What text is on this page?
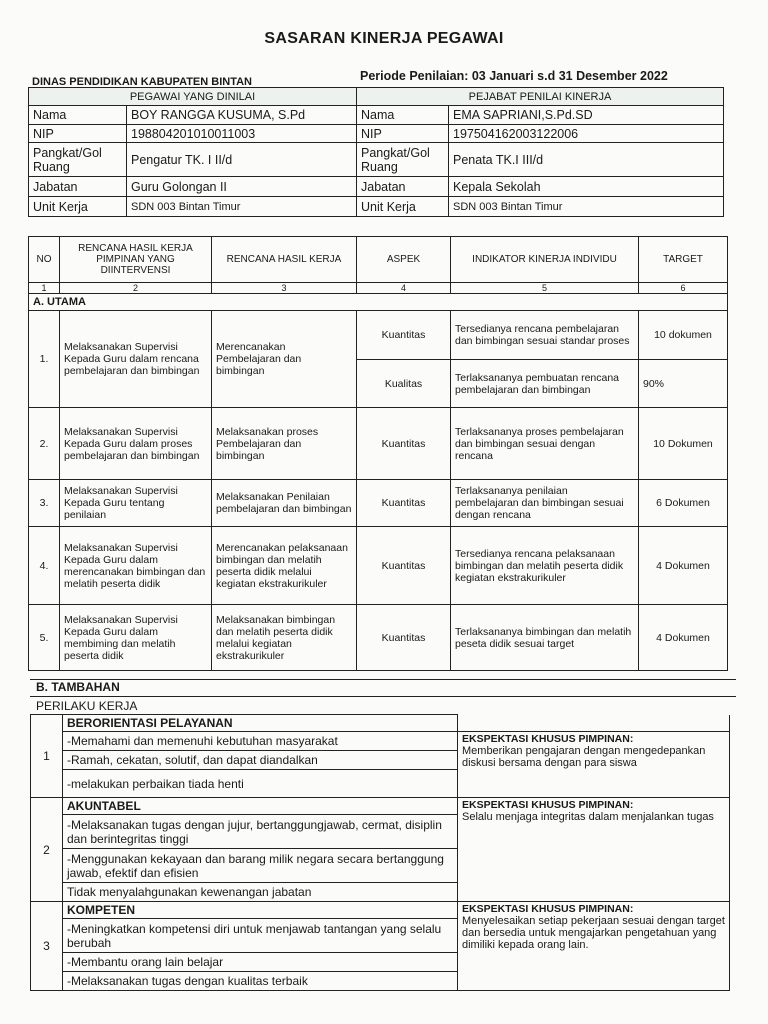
SASARAN KINERJA PEGAWAI
DINAS PENDIDIKAN KABUPATEN BINTAN	Periode Penilaian: 03 Januari s.d 31 Desember 2022
PEGAWAI YANG DINILAI		PEJABAT PENILAI KINERJA	
Nama	BOY RANGGA KUSUMA, S.Pd	Nama	EMA SAPRIANI,S.Pd.SD
NIP	198804201010011003	NIP	197504162003122006
Pangkat/Gol Ruang	Pengatur TK. I II/d	Pangkat/Gol Ruang	Penata TK.I III/d
Jabatan	Guru Golongan II	Jabatan	Kepala Sekolah
Unit Kerja	SDN 003 Bintan Timur	Unit Kerja	SDN 003 Bintan Timur
NO	RENCANA HASIL KERJA PIMPINAN YANG DIINTERVENSI	RENCANA HASIL KERJA	ASPEK	INDIKATOR KINERJA INDIVIDU	TARGET
1	2	3	4	5	6
A. UTAMA					
1.	Melaksanakan Supervisi Kepada Guru dalam rencana pembelajaran dan bimbingan	Merencanakan Pembelajaran dan bimbingan	Kuantitas	Tersedianya rencana pembelajaran dan bimbingan sesuai standar proses	10 dokumen
			Kualitas	Terlaksananya pembuatan rencana pembelajaran dan bimbingan	90%
2.	Melaksanakan Supervisi Kepada Guru dalam proses pembelajaran dan bimbingan	Melaksanakan proses Pembelajaran dan bimbingan	Kuantitas	Terlaksananya proses pembelajaran dan bimbingan sesuai dengan rencana	10 Dokumen
3.	Melaksanakan Supervisi Kepada Guru tentang penilaian	Melaksanakan Penilaian pembelajaran dan bimbingan	Kuantitas	Terlaksananya penilaian pembelajaran dan bimbingan sesuai dengan rencana	6 Dokumen
4.	Melaksanakan Supervisi Kepada Guru dalam merencanakan bimbingan dan melatih peserta didik	Merencanakan pelaksanaan bimbingan dan melatih peserta didik melalui kegiatan ekstrakurikuler	Kuantitas	Tersedianya rencana pelaksanaan bimbingan dan melatih peserta didik kegiatan ekstrakurikuler	4 Dokumen
5.	Melaksanakan Supervisi Kepada Guru dalam membiming dan melatih peserta didik	Melaksanakan bimbingan dan melatih peserta didik melalui kegiatan ekstrakurikuler	Kuantitas	Terlaksananya bimbingan dan melatih peseta didik sesuai target	4 Dokumen
B. TAMBAHAN
PERILAKU KERJA
1	BERORIENTASI PELAYANAN	
	-Memahami dan memenuhi kebutuhan masyarakat	EKSPEKTASI KHUSUS PIMPINAN:
Memberikan pengajaran dengan mengedepankan diskusi bersama dengan para siswa

	-Ramah, cekatan, solutif, dan dapat diandalkan	
	-melakukan perbaikan tiada henti	
2	AKUNTABEL	EKSPEKTASI KHUSUS PIMPINAN:
Selalu menjaga integritas dalam menjalankan tugas

	-Melaksanakan tugas dengan jujur, bertanggungjawab, cermat, disiplin dan berintegritas tinggi	
	-Menggunakan kekayaan dan barang milik negara secara bertanggung jawab, efektif dan efisien	
	Tidak menyalahgunakan kewenangan jabatan	
3	KOMPETEN	EKSPEKTASI KHUSUS PIMPINAN:
Menyelesaikan setiap pekerjaan sesuai dengan target dan bersedia untuk mengajarkan pengetahuan yang dimiliki kepada orang lain.

	-Meningkatkan kompetensi diri untuk menjawab tantangan yang selalu berubah	
	-Membantu orang lain belajar	
	-Melaksanakan tugas dengan kualitas terbaik	
